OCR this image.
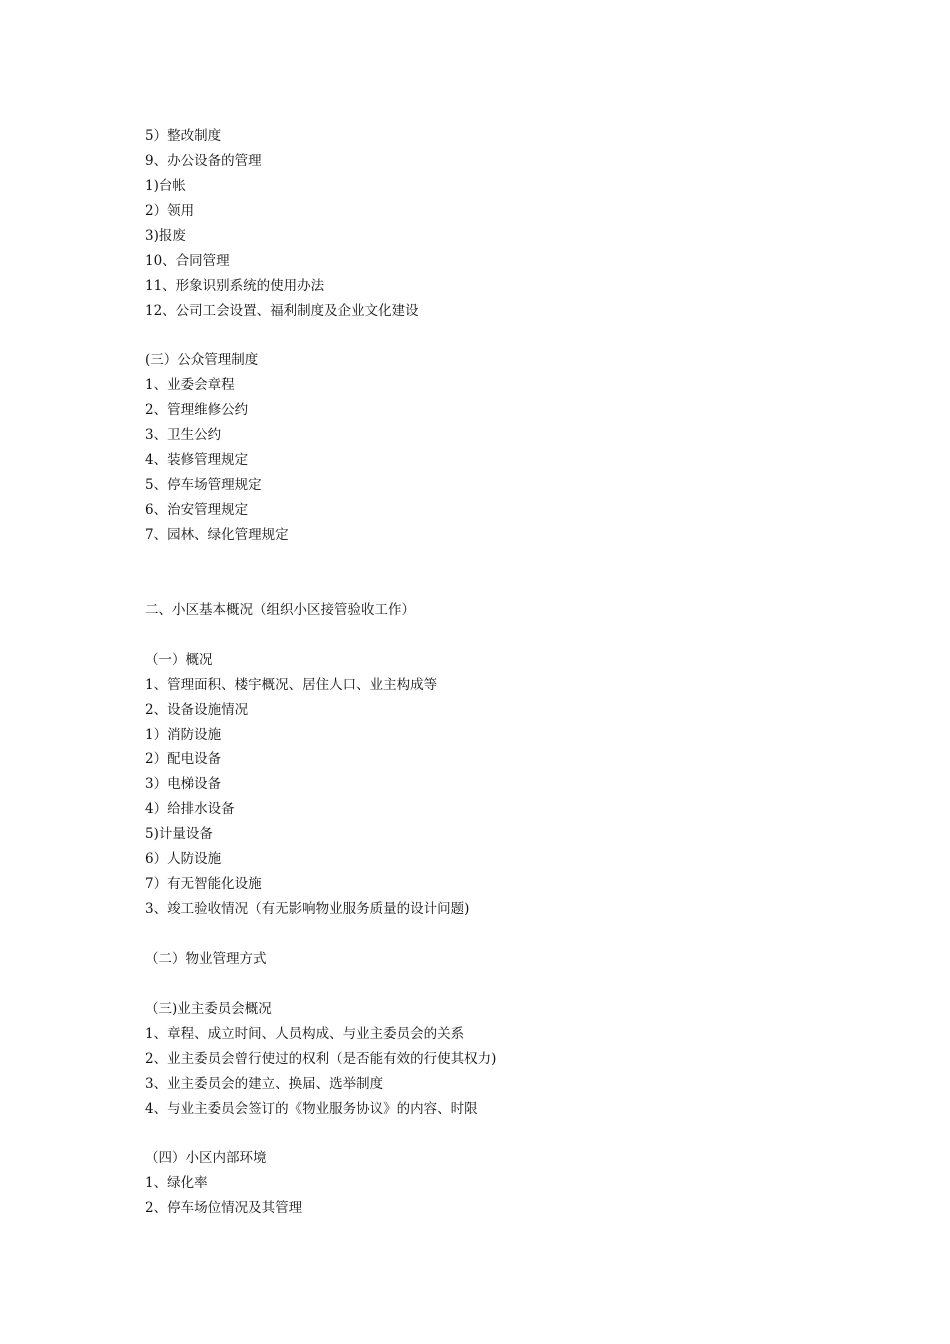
5）整改制度
9、办公设备的管理
1)台帐
2）领用
3)报废
10、合同管理
11、形象识别系统的使用办法
12、公司工会设置、福利制度及企业文化建设
(三）公众管理制度
1、业委会章程
2、管理维修公约
3、卫生公约
4、装修管理规定
5、停车场管理规定
6、治安管理规定
7、园林、绿化管理规定
二、小区基本概况（组织小区接管验收工作）
（一）概况
1、管理面积、楼宇概况、居住人口、业主构成等
2、设备设施情况
1）消防设施
2）配电设备
3）电梯设备
4）给排水设备
5)计量设备
6）人防设施
7）有无智能化设施
3、竣工验收情况（有无影响物业服务质量的设计问题)
（二）物业管理方式
（三)业主委员会概况
1、章程、成立时间、人员构成、与业主委员会的关系
2、业主委员会曾行使过的权利（是否能有效的行使其权力)
3、业主委员会的建立、换届、选举制度
4、与业主委员会签订的《物业服务协议》的内容、时限
（四）小区内部环境
1、绿化率
2、停车场位情况及其管理
